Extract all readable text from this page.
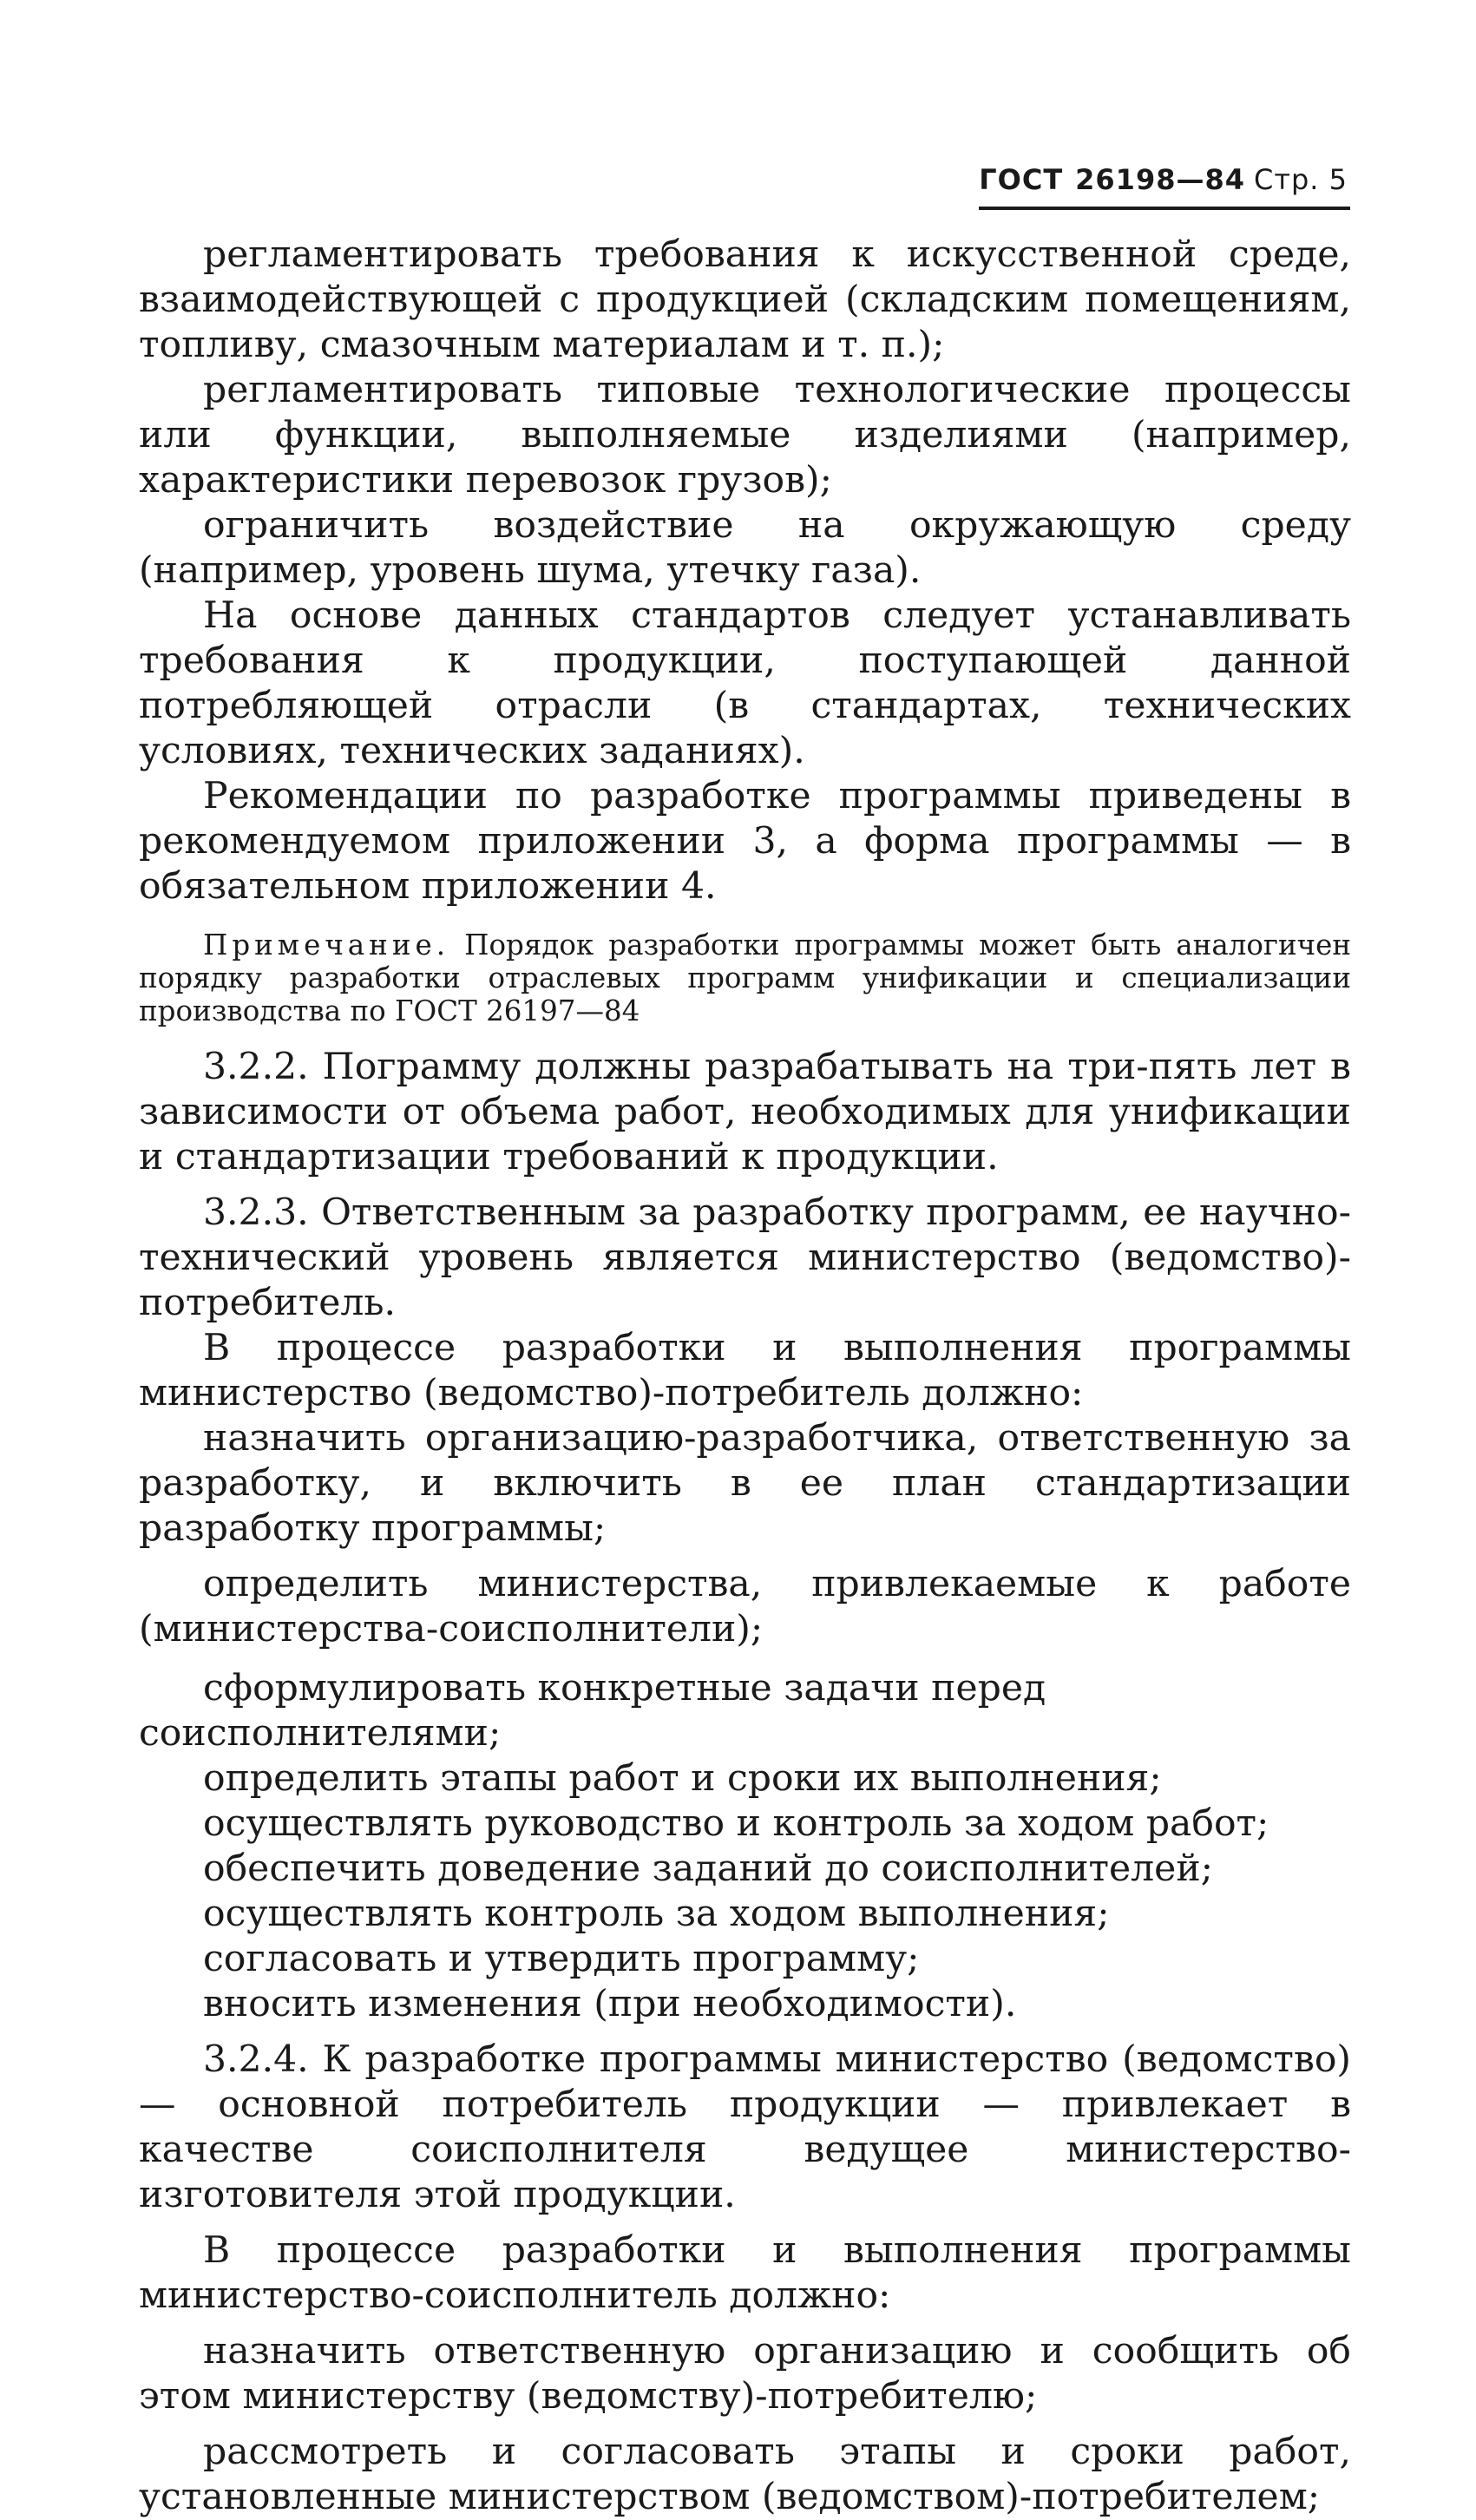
ГОСТ 26198—84 Стр. 5

регламентировать требования к искусственной среде, взаимодействующей с продукцией (складским помещениям, топливу, смазочным материалам и т. п.);

регламентировать типовые технологические процессы или функции, выполняемые изделиями (например, характеристики перевозок грузов);

ограничить воздействие на окружающую среду (например, уровень шума, утечку газа).

На основе данных стандартов следует устанавливать требования к продукции, поступающей данной потребляющей отрасли (в стандартах, технических условиях, технических заданиях).

Рекомендации по разработке программы приведены в рекомендуемом приложении 3, а форма программы — в обязательном приложении 4.

Примечание. Порядок разработки программы может быть аналогичен порядку разработки отраслевых программ унификации и специализации производства по ГОСТ 26197—84

3.2.2. Пограмму должны разрабатывать на три-пять лет в зависимости от объема работ, необходимых для унификации и стандартизации требований к продукции.

3.2.3. Ответственным за разработку программ, ее научно-технический уровень является министерство (ведомство)-потребитель.

В процессе разработки и выполнения программы министерство (ведомство)-потребитель должно:

назначить организацию-разработчика, ответственную за разработку, и включить в ее план стандартизации разработку программы;

определить министерства, привлекаемые к работе (министерства-соисполнители);

сформулировать конкретные задачи перед соисполнителями;
определить этапы работ и сроки их выполнения;
осуществлять руководство и контроль за ходом работ;
обеспечить доведение заданий до соисполнителей;
осуществлять контроль за ходом выполнения;
согласовать и утвердить программу;
вносить изменения (при необходимости).

3.2.4. К разработке программы министерство (ведомство) — основной потребитель продукции — привлекает в качестве соисполнителя ведущее министерство-изготовителя этой продукции.

В процессе разработки и выполнения программы министерство-соисполнитель должно:

назначить ответственную организацию и сообщить об этом министерству (ведомству)-потребителю;

рассмотреть и согласовать этапы и сроки работ, установленные министерством (ведомством)-потребителем;
